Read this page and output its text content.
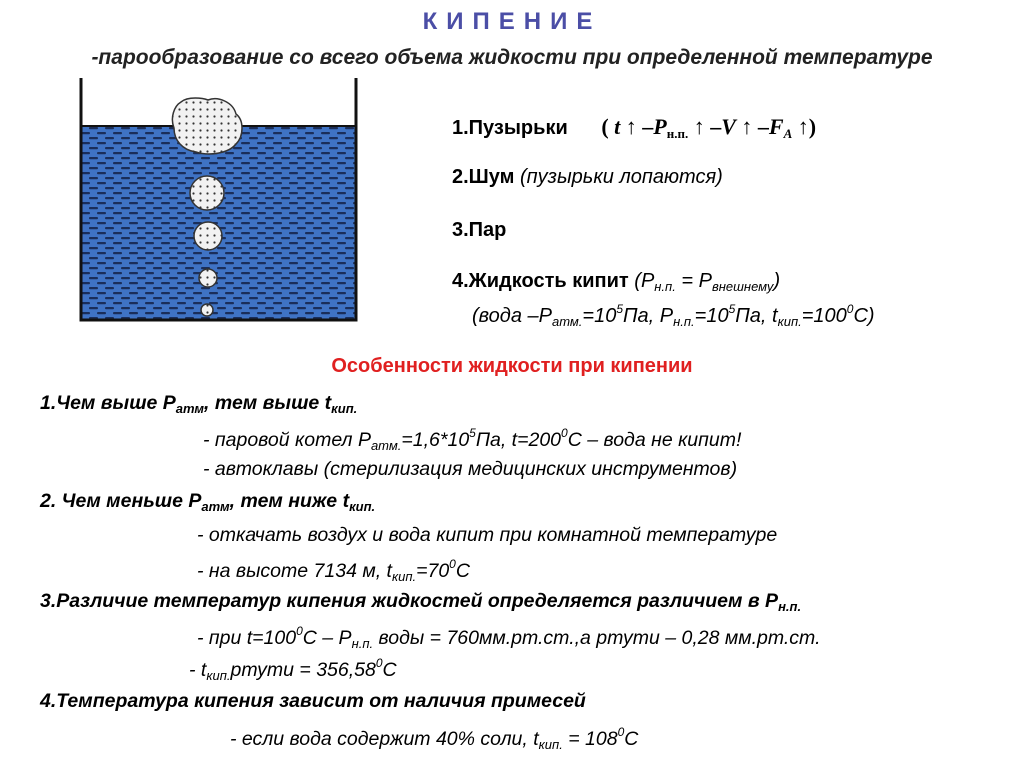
КИПЕНИЕ
-парообразование со всего объема жидкости при определенной температуре
1.Пузырьки ( t ↑ –Pн.п. ↑ –V ↑ –FA ↑)
2.Шум (пузырьки лопаются)
3.Пар
4.Жидкость кипит $(P_{н.п.} = P_{внешнему})$
(вода $-P_{атм.}=10^5Па$, $P_{н.п.}=10^5Па$, $t_{кип.}=100^0C$)
Особенности жидкости при кипении
1.Чем выше $P_{атм}$, тем выше $t_{кип.}$
- паровой котел $P_{атм.}=1,6*10^5Па$, $t=200^0C$ – вода не кипит!
- автоклавы (стерилизация медицинских инструментов)
2. Чем меньше $P_{атм}$, тем ниже $t_{кип.}$
- откачать воздух и вода кипит при комнатной температуре
- на высоте 7134 м, $t_{кип.}=70^0C$
3.Различие температур кипения жидкостей определяется различием в $P_{н.п.}$
- при $t=100^0C - P_{н.п.}$ воды = 760мм.рт.ст.,а ртути – 0,28 мм.рт.ст.
- $t_{кип.}ртути = 356,58^0C$
4.Температура кипения зависит от наличия примесей
- если вода содержит 40% соли, $t_{кип.} = 108^0C$
